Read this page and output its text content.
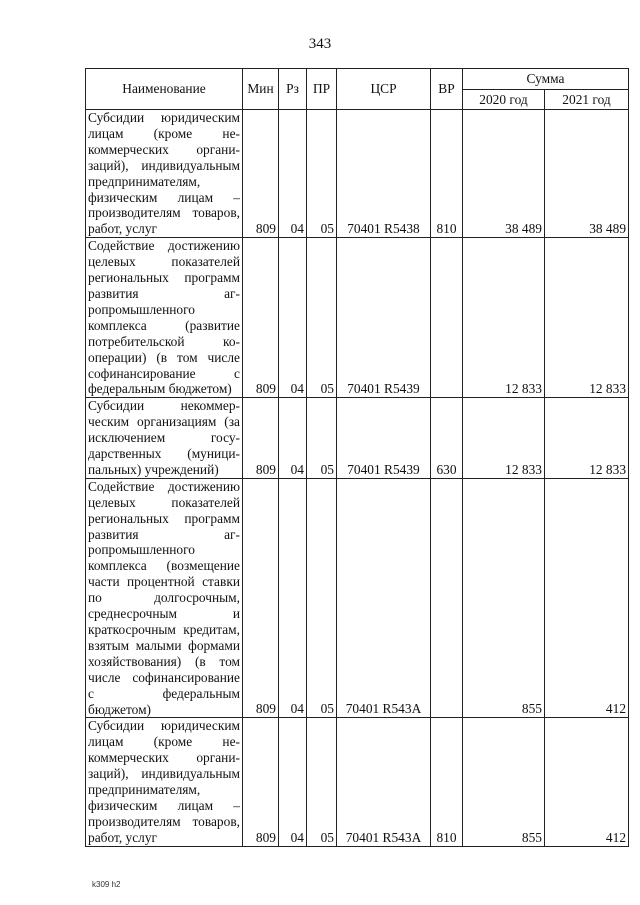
343
Наименование	Мин	Рз	ПР	ЦСР	ВР	Сумма	
						2020 год	2021 год
Субсидии юридическим лицам (кроме некоммерческих организаций), индивидуальным предпринимателям, физическим лицам – производителям товаров, работ, услуг	809	04	05	70401 R5438	810	38 489	38 489
Содействие достижению целевых показателей региональных программ развития агропромышленного комплекса (развитие потребительской кооперации) (в том числе софинансирование с федеральным бюджетом)	809	04	05	70401 R5439		12 833	12 833
Субсидии некоммерческим организациям (за исключением государственных (муниципальных) учреждений)	809	04	05	70401 R5439	630	12 833	12 833
Содействие достижению целевых показателей региональных программ развития агропромышленного комплекса (возмещение части процентной ставки по долгосрочным, среднесрочным и краткосрочным кредитам, взятым малыми формами хозяйствования) (в том числе софинансирование с федеральным бюджетом)	809	04	05	70401 R543A		855	412
Субсидии юридическим лицам (кроме некоммерческих организаций), индивидуальным предпринимателям, физическим лицам – производителям товаров, работ, услуг	809	04	05	70401 R543A	810	855	412
k309 h2
